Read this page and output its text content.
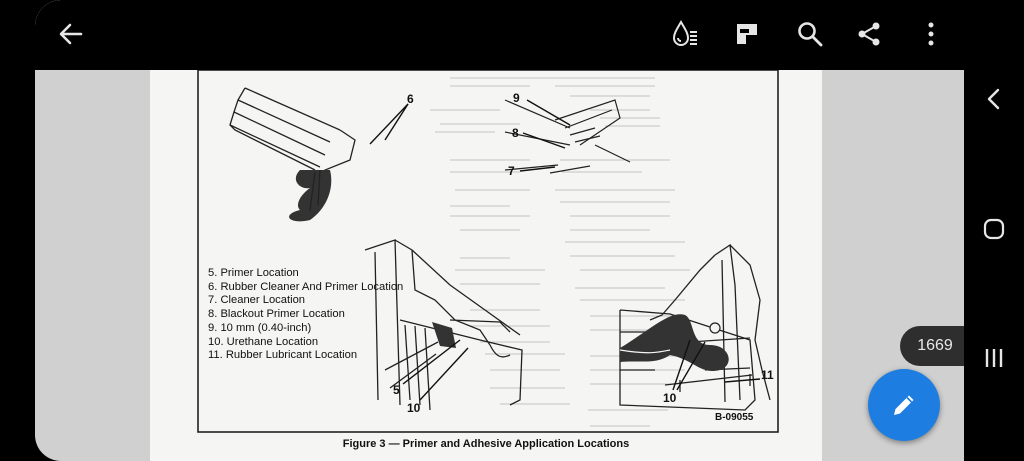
6	9
8
7
5
10
10
11
5. Primer Location
6. Rubber Cleaner And Primer Location
7. Cleaner Location
8. Blackout Primer Location
9. 10 mm (0.40-inch)
10. Urethane Location
11. Rubber Lubricant Location
B-09055
Figure 3 — Primer and Adhesive Application Locations
1669
